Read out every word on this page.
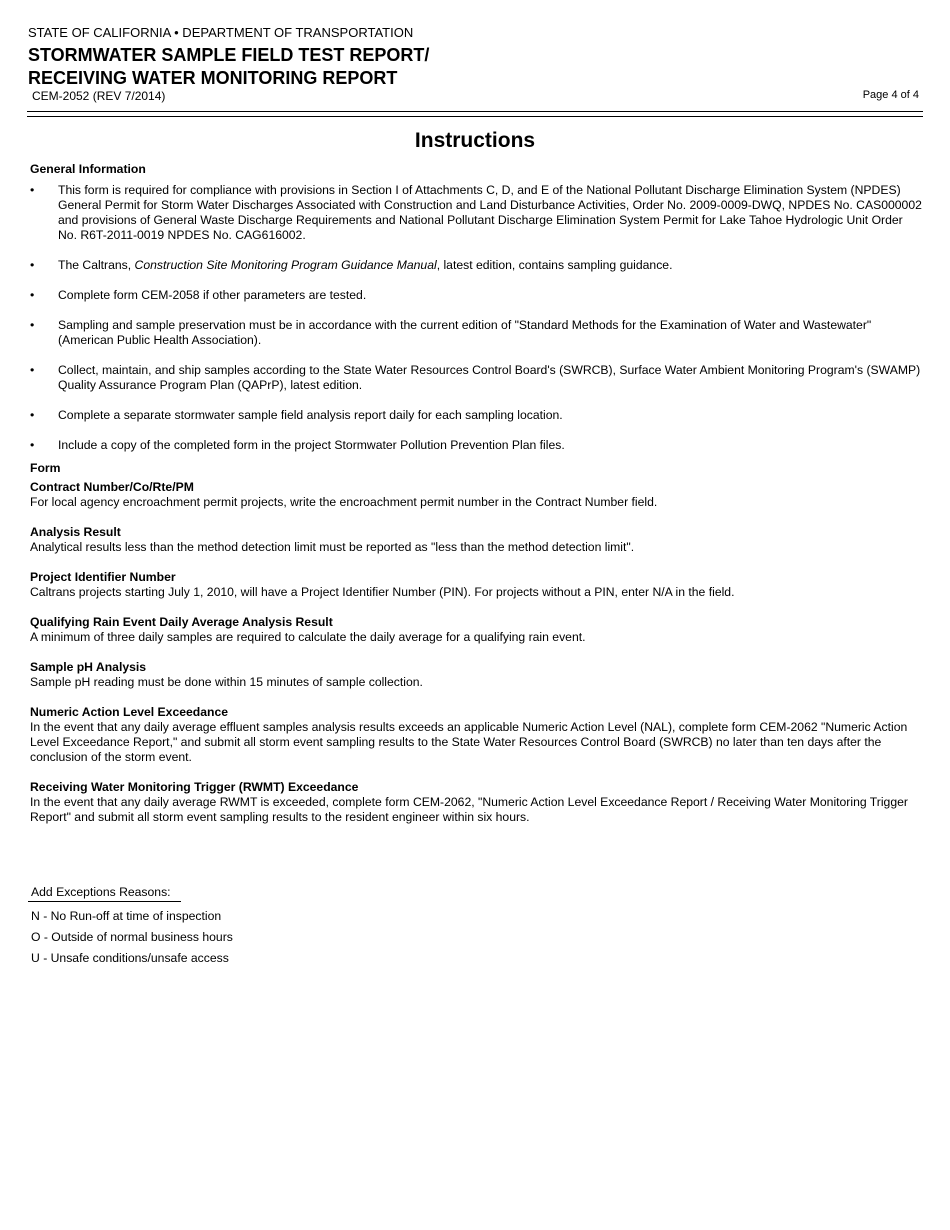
STATE OF CALIFORNIA • DEPARTMENT OF TRANSPORTATION
STORMWATER SAMPLE FIELD TEST REPORT/
RECEIVING WATER MONITORING REPORT
CEM-2052 (REV 7/2014)	Page 4 of 4
Instructions
General Information
• This form is required for compliance with provisions in Section I of Attachments C, D, and E of the National Pollutant Discharge Elimination System (NPDES) General Permit for Storm Water Discharges Associated with Construction and Land Disturbance Activities, Order No. 2009-0009-DWQ, NPDES No. CAS000002 and provisions of General Waste Discharge Requirements and National Pollutant Discharge Elimination System Permit for Lake Tahoe Hydrologic Unit Order No. R6T-2011-0019 NPDES No. CAG616002.
• The Caltrans, Construction Site Monitoring Program Guidance Manual, latest edition, contains sampling guidance.
• Complete form CEM-2058 if other parameters are tested.
• Sampling and sample preservation must be in accordance with the current edition of "Standard Methods for the Examination of Water and Wastewater" (American Public Health Association).
• Collect, maintain, and ship samples according to the State Water Resources Control Board's (SWRCB), Surface Water Ambient Monitoring Program's (SWAMP) Quality Assurance Program Plan (QAPrP), latest edition.
• Complete a separate stormwater sample field analysis report daily for each sampling location.
• Include a copy of the completed form in the project Stormwater Pollution Prevention Plan files.
Form
Contract Number/Co/Rte/PM
For local agency encroachment permit projects, write the encroachment permit number in the Contract Number field.
Analysis Result
Analytical results less than the method detection limit must be reported as "less than the method detection limit".
Project Identifier Number
Caltrans projects starting July 1, 2010, will have a Project Identifier Number (PIN). For projects without a PIN, enter N/A in the field.
Qualifying Rain Event Daily Average Analysis Result
A minimum of three daily samples are required to calculate the daily average for a qualifying rain event.
Sample pH Analysis
Sample pH reading must be done within 15 minutes of sample collection.
Numeric Action Level Exceedance
In the event that any daily average effluent samples analysis results exceeds an applicable Numeric Action Level (NAL), complete form CEM-2062 "Numeric Action Level Exceedance Report," and submit all storm event sampling results to the State Water Resources Control Board (SWRCB) no later than ten days after the conclusion of the storm event.
Receiving Water Monitoring Trigger (RWMT) Exceedance
In the event that any daily average RWMT is exceeded, complete form CEM-2062, "Numeric Action Level Exceedance Report / Receiving Water Monitoring Trigger Report" and submit all storm event sampling results to the resident engineer within six hours.
Add Exceptions Reasons:
N - No Run-off at time of inspection
O - Outside of normal business hours
U - Unsafe conditions/unsafe access
